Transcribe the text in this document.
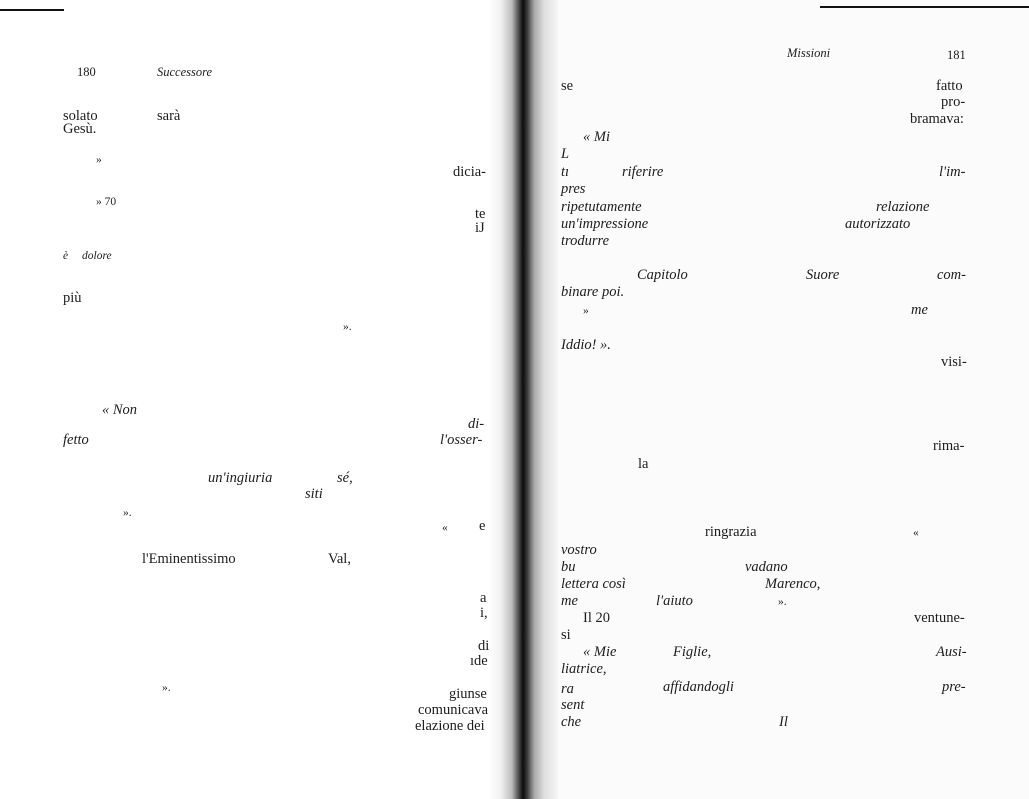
180	Successore
solato	sarà
Gesù.
»
dicia-
» 70
te
iJ
è dolore
più
».
« Non
di-
fetto	l'osser-
un'ingiuria	sé,
siti
».
« e
l'Eminentissimo	Val,
a
i,
di
ıde
».	giunse
comunicava
elazione dei
Missioni	181
se	fatto
pro-
bramava:
« Mi
L
tı	riferire	l'im-
pres
ripetutamente	relazione
un'impressione	autorizzato
trodurre
Capitolo	Suore	com-
binare poi.
»	me
Iddio! ».
visi-
rima-
la
ringrazia	«
vostro
bu	vadano
lettera così	Marenco,
me	l'aiuto	».
Il 20	ventune-
si
« Mie	Figlie,	Ausi-
liatrice,
ra	affidandogli	pre-
sent
che	Il
